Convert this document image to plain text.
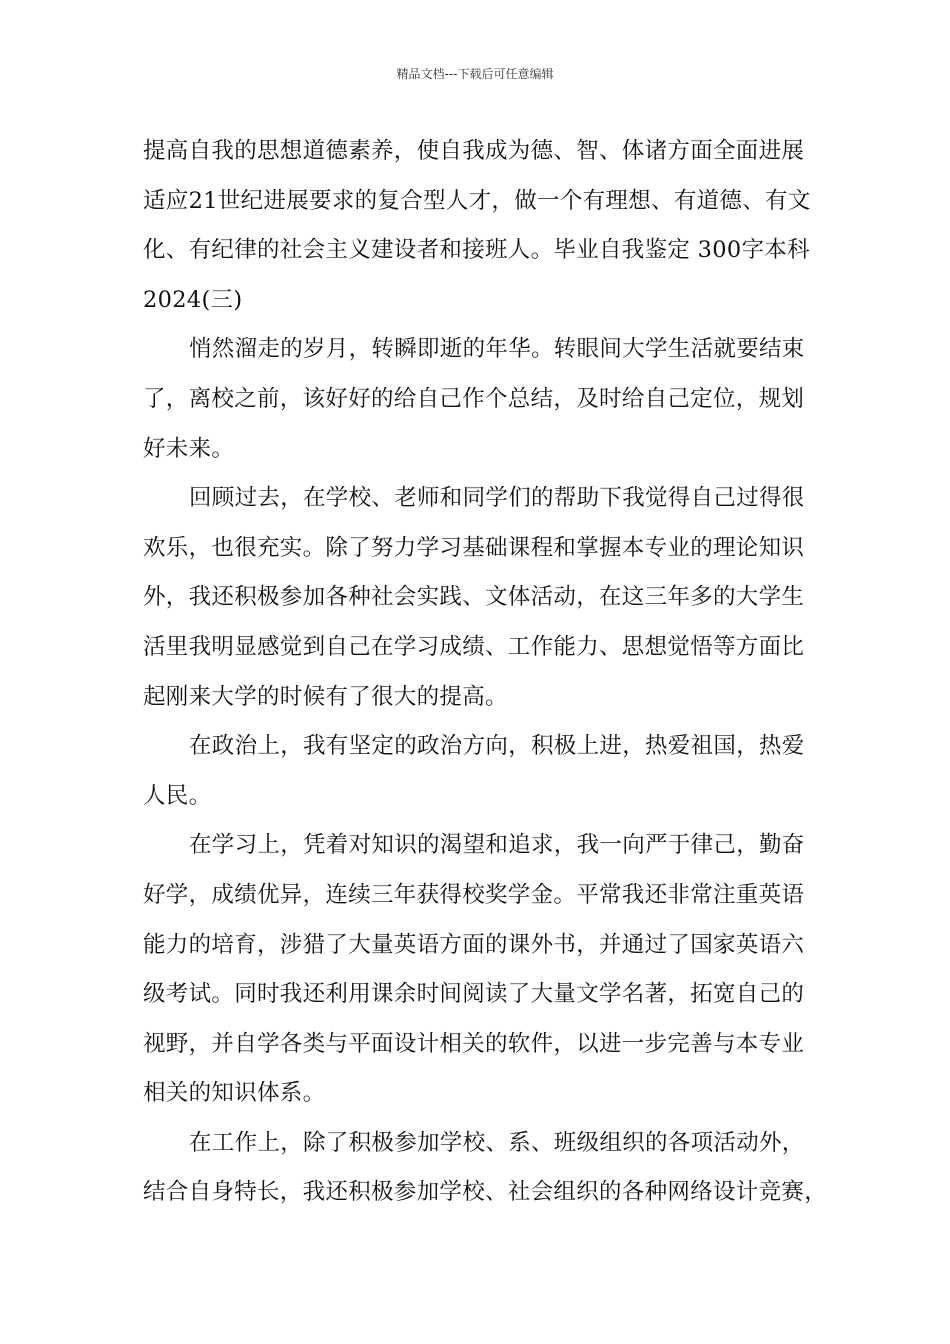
精品文档---下载后可任意编辑
提高自我的思想道德素养，使自我成为德、智、体诸方面全面进展
适应21世纪进展要求的复合型人才，做一个有理想、有道德、有文
化、有纪律的社会主义建设者和接班人。毕业自我鉴定 300字本科
2024(三)
悄然溜走的岁月，转瞬即逝的年华。转眼间大学生活就要结束
了，离校之前，该好好的给自己作个总结，及时给自己定位，规划
好未来。
回顾过去，在学校、老师和同学们的帮助下我觉得自己过得很
欢乐，也很充实。除了努力学习基础课程和掌握本专业的理论知识
外，我还积极参加各种社会实践、文体活动，在这三年多的大学生
活里我明显感觉到自己在学习成绩、工作能力、思想觉悟等方面比
起刚来大学的时候有了很大的提高。
在政治上，我有坚定的政治方向，积极上进，热爱祖国，热爱
人民。
在学习上，凭着对知识的渴望和追求，我一向严于律己，勤奋
好学，成绩优异，连续三年获得校奖学金。平常我还非常注重英语
能力的培育，涉猎了大量英语方面的课外书，并通过了国家英语六
级考试。同时我还利用课余时间阅读了大量文学名著，拓宽自己的
视野，并自学各类与平面设计相关的软件，以进一步完善与本专业
相关的知识体系。
在工作上，除了积极参加学校、系、班级组织的各项活动外，
结合自身特长，我还积极参加学校、社会组织的各种网络设计竞赛，
